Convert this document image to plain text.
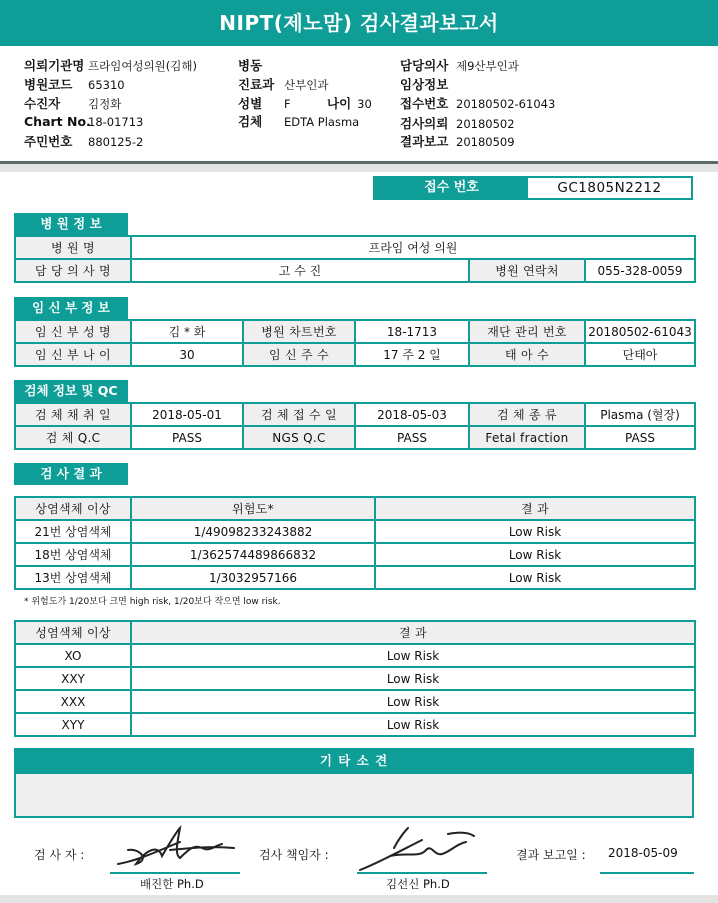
NIPT(제노맘) 검사결과보고서
의뢰기관명 프라임여성의원(김해)
병원코드 65310
수진자 김정화
Chart No.18-01713
주민번호 880125-2
병동
진료과 산부인과
성별 F	나이 30
검체 EDTA Plasma
담당의사 제9산부인과
임상정보
접수번호 20180502-61043
검사의뢰 20180502
결과보고 20180509
접수 번호	GC1805N2212
병 원 정 보
병 원 명	프라임 여성 의원		
담 당 의 사 명	고 수 진	병원 연락처	055-328-0059
임 신 부 정 보
임 신 부 성 명	김 * 화	병원 차트번호	18-1713	재단 관리 번호	20180502-61043
임 신 부 나 이	30	임 신 주 수	17 주 2 일	태 아 수	단태아
검체 정보 및 QC
검 체 채 취 일	2018-05-01	검 체 접 수 일	2018-05-03	검 체 종 류	Plasma (혈장)
검 체 Q.C	PASS	NGS Q.C	PASS	Fetal fraction	PASS
검 사 결 과
상염색체 이상	위험도*	결 과
21번 상염색체	1/49098233243882	Low Risk
18번 상염색체	1/362574489866832	Low Risk
13번 상염색체	1/3032957166	Low Risk
* 위험도가 1/20보다 크면 high risk, 1/20보다 작으면 low risk.
성염색체 이상	결 과
XO	Low Risk
XXY	Low Risk
XXX	Low Risk
XYY	Low Risk
기 타 소 견
검 사 자 :
배진한 Ph.D
검사 책임자 :
김선신 Ph.D
결과 보고일 : 2018-05-09
